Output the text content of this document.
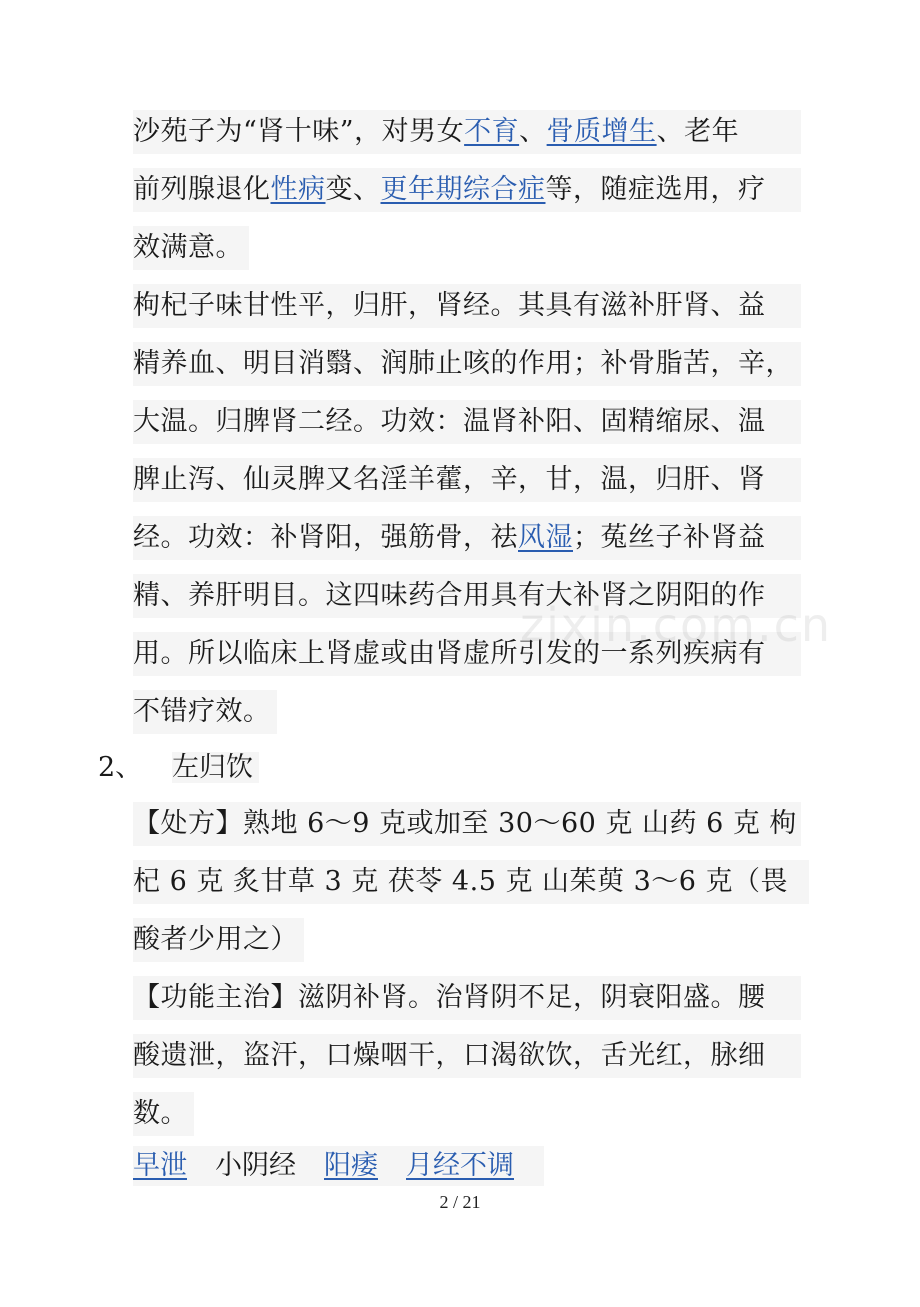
沙苑子为“肾十味”，对男女不育、骨质增生、老年
前列腺退化性病变、更年期综合症等，随症选用，疗
效满意。
枸杞子味甘性平，归肝，肾经。其具有滋补肝肾、益
精养血、明目消翳、润肺止咳的作用；补骨脂苦，辛，
大温。归脾肾二经。功效：温肾补阳、固精缩尿、温
脾止泻、仙灵脾又名淫羊藿，辛，甘，温，归肝、肾
经。功效：补肾阳，强筋骨，祛风湿；菟丝子补肾益
精、养肝明目。这四味药合用具有大补肾之阴阳的作
用。所以临床上肾虚或由肾虚所引发的一系列疾病有
不错疗效。
2、 左归饮
【处方】熟地 6～9 克或加至 30～60 克 山药 6 克 枸
杞 6 克 炙甘草 3 克 茯苓 4.5 克 山茱萸 3～6 克（畏
酸者少用之）
【功能主治】滋阴补肾。治肾阴不足，阴衰阳盛。腰
酸遗泄，盗汗，口燥咽干，口渴欲饮，舌光红，脉细
数。
早泄 小阴经 阳痿 月经不调
zixin.com.cn
2 / 21
